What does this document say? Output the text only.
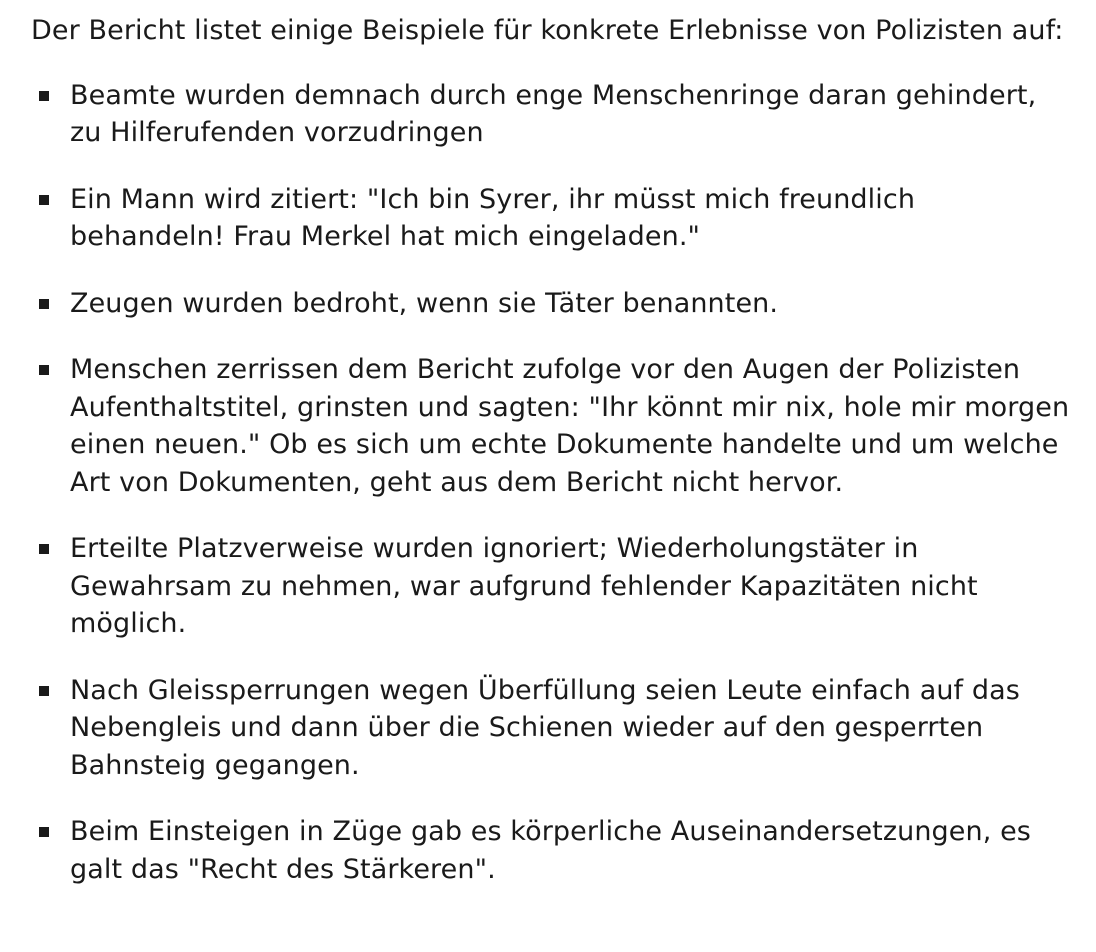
Der Bericht listet einige Beispiele für konkrete Erlebnisse von Polizisten auf:

Beamte wurden demnach durch enge Menschenringe daran gehindert, zu Hilferufenden vorzudringen
Ein Mann wird zitiert: "Ich bin Syrer, ihr müsst mich freundlich behandeln! Frau Merkel hat mich eingeladen."
Zeugen wurden bedroht, wenn sie Täter benannten.
Menschen zerrissen dem Bericht zufolge vor den Augen der Polizisten Aufenthaltstitel, grinsten und sagten: "Ihr könnt mir nix, hole mir morgen einen neuen." Ob es sich um echte Dokumente handelte und um welche Art von Dokumenten, geht aus dem Bericht nicht hervor.
Erteilte Platzverweise wurden ignoriert; Wiederholungstäter in Gewahrsam zu nehmen, war aufgrund fehlender Kapazitäten nicht möglich.
Nach Gleissperrungen wegen Überfüllung seien Leute einfach auf das Nebengleis und dann über die Schienen wieder auf den gesperrten Bahnsteig gegangen.
Beim Einsteigen in Züge gab es körperliche Auseinandersetzungen, es galt das "Recht des Stärkeren".
